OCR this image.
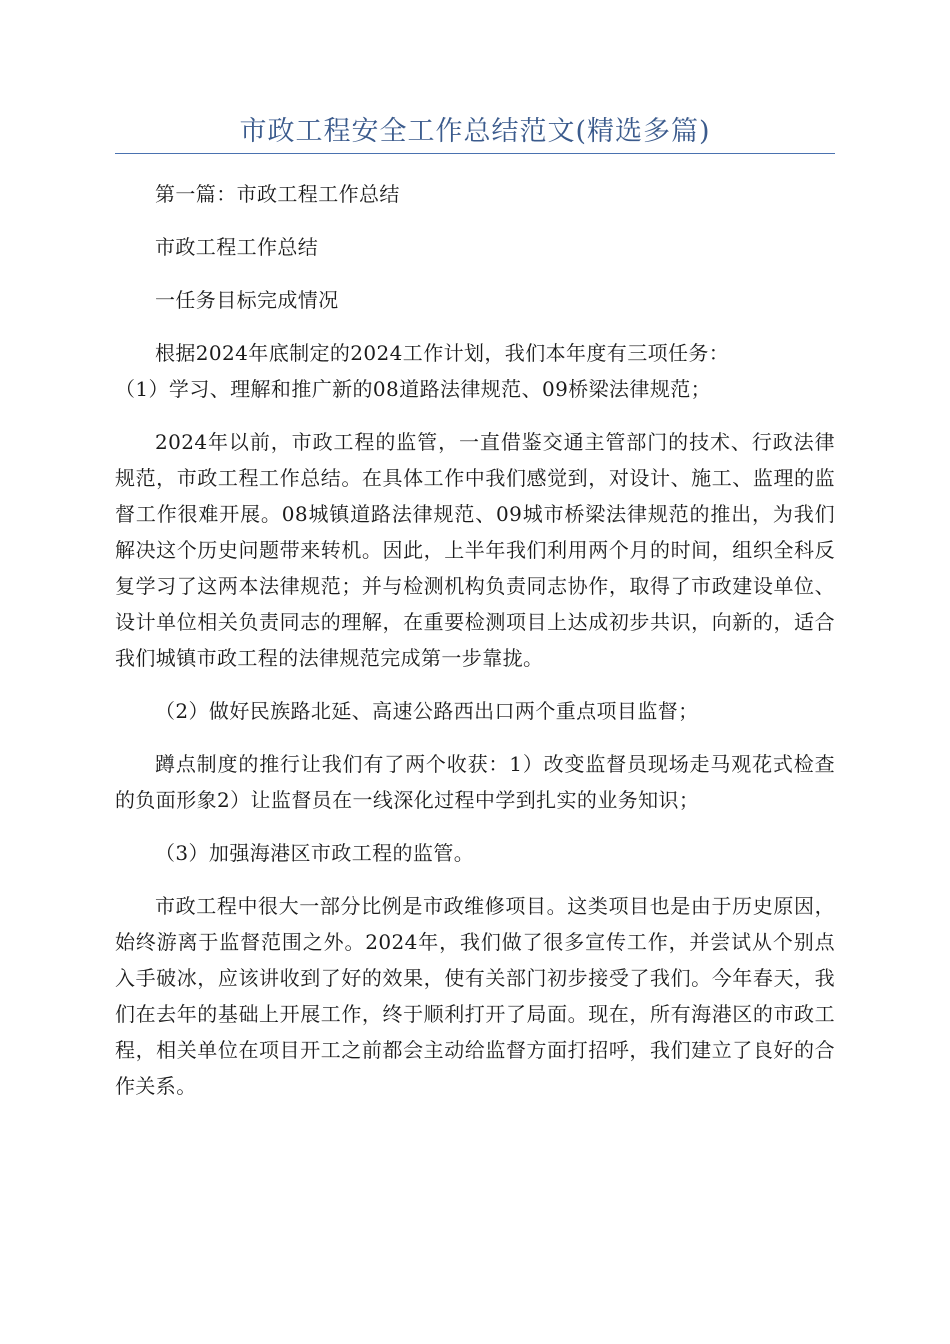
市政工程安全工作总结范文(精选多篇)

第一篇：市政工程工作总结

市政工程工作总结

一任务目标完成情况

根据2024年底制定的2024工作计划，我们本年度有三项任务：

（1）学习、理解和推广新的08道路法律规范、09桥梁法律规范；

2024年以前，市政工程的监管，一直借鉴交通主管部门的技术、行政法律规范，市政工程工作总结。在具体工作中我们感觉到，对设计、施工、监理的监督工作很难开展。08城镇道路法律规范、09城市桥梁法律规范的推出，为我们解决这个历史问题带来转机。因此，上半年我们利用两个月的时间，组织全科反复学习了这两本法律规范；并与检测机构负责同志协作，取得了市政建设单位、设计单位相关负责同志的理解，在重要检测项目上达成初步共识，向新的，适合我们城镇市政工程的法律规范完成第一步靠拢。

（2）做好民族路北延、高速公路西出口两个重点项目监督；

蹲点制度的推行让我们有了两个收获：1）改变监督员现场走马观花式检查的负面形象2）让监督员在一线深化过程中学到扎实的业务知识；

（3）加强海港区市政工程的监管。

市政工程中很大一部分比例是市政维修项目。这类项目也是由于历史原因，始终游离于监督范围之外。2024年，我们做了很多宣传工作，并尝试从个别点入手破冰，应该讲收到了好的效果，使有关部门初步接受了我们。今年春天，我们在去年的基础上开展工作，终于顺利打开了局面。现在，所有海港区的市政工程，相关单位在项目开工之前都会主动给监督方面打招呼，我们建立了良好的合作关系。
